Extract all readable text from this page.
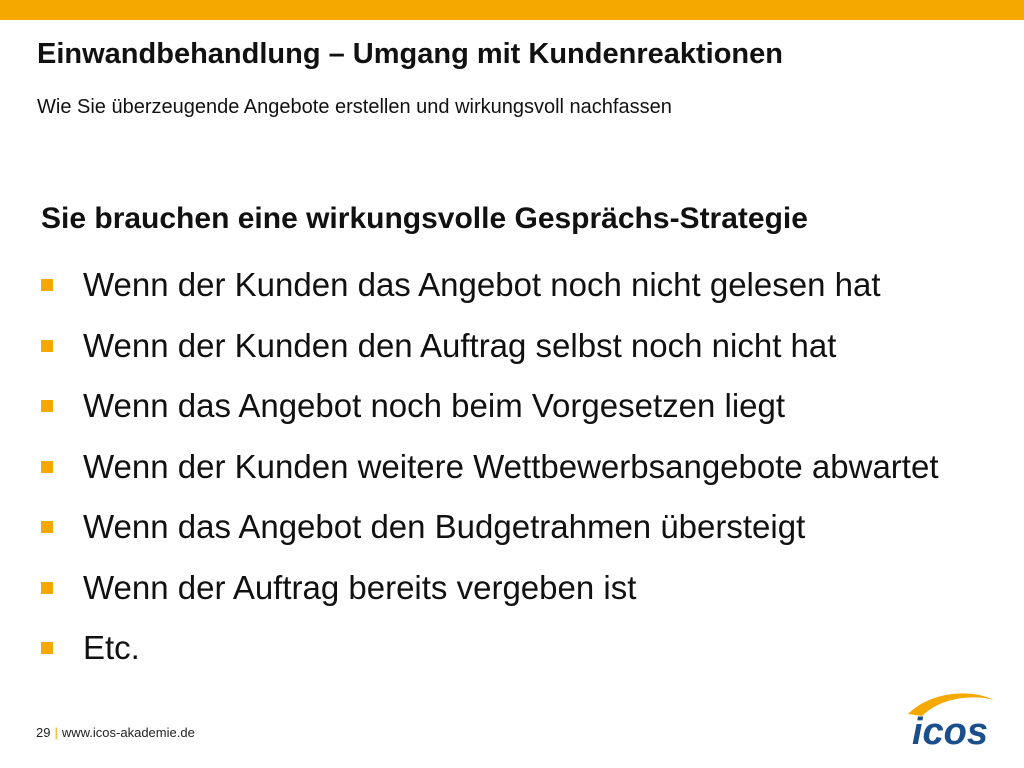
Einwandbehandlung – Umgang mit Kundenreaktionen
Wie Sie überzeugende Angebote erstellen und wirkungsvoll nachfassen
Sie brauchen eine wirkungsvolle Gesprächs-Strategie
Wenn der Kunden das Angebot noch nicht gelesen hat
Wenn der Kunden den Auftrag selbst noch nicht hat
Wenn das Angebot noch beim Vorgesetzen liegt
Wenn der Kunden weitere Wettbewerbsangebote abwartet
Wenn das Angebot den Budgetrahmen übersteigt
Wenn der Auftrag bereits vergeben ist
Etc.
29 | www.icos-akademie.de	icos
